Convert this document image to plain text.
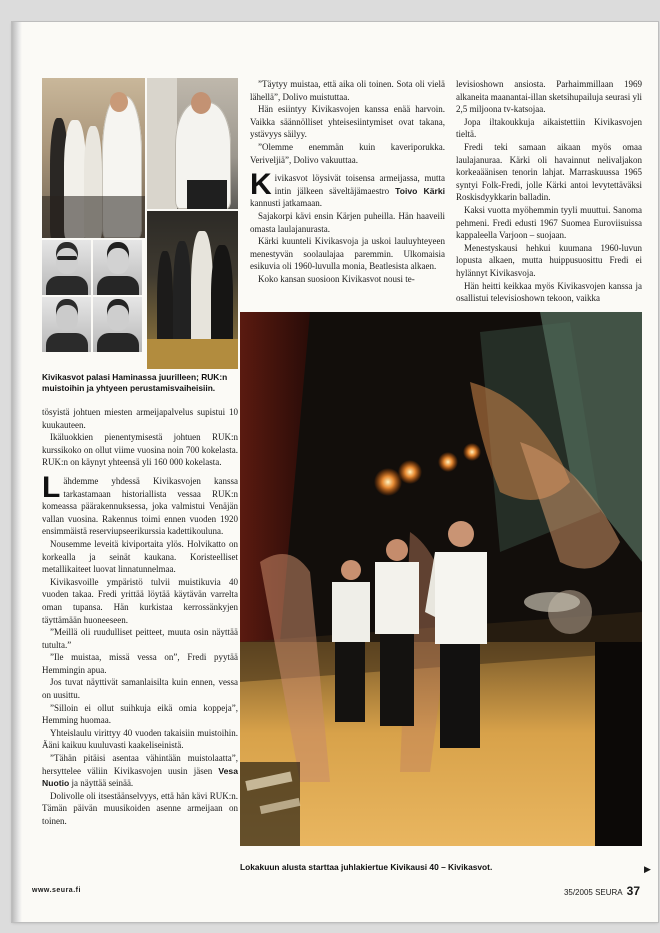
Kivikasvot palasi Haminassa juurilleen; RUK:n muistoihin ja yhtyeen perustamisvaiheisiin.

tösyistä johtuen miesten armeijapalvelus supistui 10 kuukauteen.

Ikäluokkien pienentymisestä johtuen RUK:n kurssikoko on ollut viime vuosina noin 700 kokelasta. RUK:n on käynyt yhteensä yli 160 000 kokelasta.

Lähdemme yhdessä Kivikasvojen kanssa tarkastamaan historiallista vessaa RUK:n komeassa päärakennuksessa, joka valmistui Venäjän vallan vuosina. Rakennus toimi ennen vuoden 1920 ensimmäistä reserviupseerikurssia kadettikouluna.

Nousemme leveitä kiviportaita ylös. Holvikatto on korkealla ja seinät kaukana. Koristeelliset metallikaiteet luovat linnatunnelmaa.

Kivikasvoille ympäristö tulvii muistikuvia 40 vuoden takaa. Fredi yrittää löytää käytävän varrelta oman tupansa. Hän kurkistaa kerrossänkyjen täyttämään huoneeseen.

”Meillä oli ruudulliset peitteet, muuta osin näyttää tutulta.”

”Ile muistaa, missä vessa on”, Fredi pyytää Hemmingin apua.

Jos tuvat näyttivät samanlaisilta kuin ennen, vessa on uusittu.

”Silloin ei ollut suihkuja eikä omia koppeja”, Hemming huomaa.

Yhteislaulu virittyy 40 vuoden takaisiin muistoihin. Ääni kaikuu kuuluvasti kaakeliseinistä.

”Tähän pitäisi asentaa vähintään muistolaatta”, hersyttelee väliin Kivikasvojen uusin jäsen Vesa Nuotio ja näyttää seinää.

Dolivolle oli itsestäänselvyys, että hän kävi RUK:n. Tämän päivän muusikoiden asenne armeijaan on toinen.

”Täytyy muistaa, että aika oli toinen. Sota oli vielä lähellä”, Dolivo muistuttaa.

Hän esiintyy Kivikasvojen kanssa enää harvoin. Vaikka säännölliset yhteisesiintymiset ovat takana, ystävyys säilyy.

”Olemme enemmän kuin kaveriporukka. Veriveljiä”, Dolivo vakuuttaa.

Kivikasvot löysivät toisensa armeijassa, mutta intin jälkeen säveltäjämaestro Toivo Kärki kannusti jatkamaan.

Sajakorpi kävi ensin Kärjen puheilla. Hän haaveili omasta laulajanurasta.

Kärki kuunteli Kivikasvoja ja uskoi lauluyhteyeen menestyvän soolaulajaa paremmin. Ulkomaisia esikuvia oli 1960-luvulla monia, Beatlesista alkaen.

Koko kansan suosioon Kivikasvot nousi te-

levisioshown ansiosta. Parhaimmillaan 1969 alkaneita maanantai-illan sketsihupailuja seurasi yli 2,5 miljoona tv-katsojaa.

Jopa iltakoukkuja aikaistettiin Kivikasvojen tieltä.

Fredi teki samaan aikaan myös omaa laulajanuraa. Kärki oli havainnut nelivaljakon korkeaäänisen tenorin lahjat. Marraskuussa 1965 syntyi Folk-Fredi, jolle Kärki antoi levytettäväksi Roskisdyykkarin balladin.

Kaksi vuotta myöhemmin tyyli muuttui. Sanoma pehmeni. Fredi edusti 1967 Suomea Euroviisuissa kappaleella Varjoon – suojaan.

Menestyskausi hehkui kuumana 1960-luvun lopusta alkaen, mutta huippusuosittu Fredi ei hylännyt Kivikasvoja.

Hän heitti keikkaa myös Kivikasvojen kanssa ja osallistui televisioshown tekoon, vaikka

Lokakuun alusta starttaa juhlakiertue Kivikausi 40 – Kivikasvot.	▶
www.seura.fi	35/2005 SEURA 37
